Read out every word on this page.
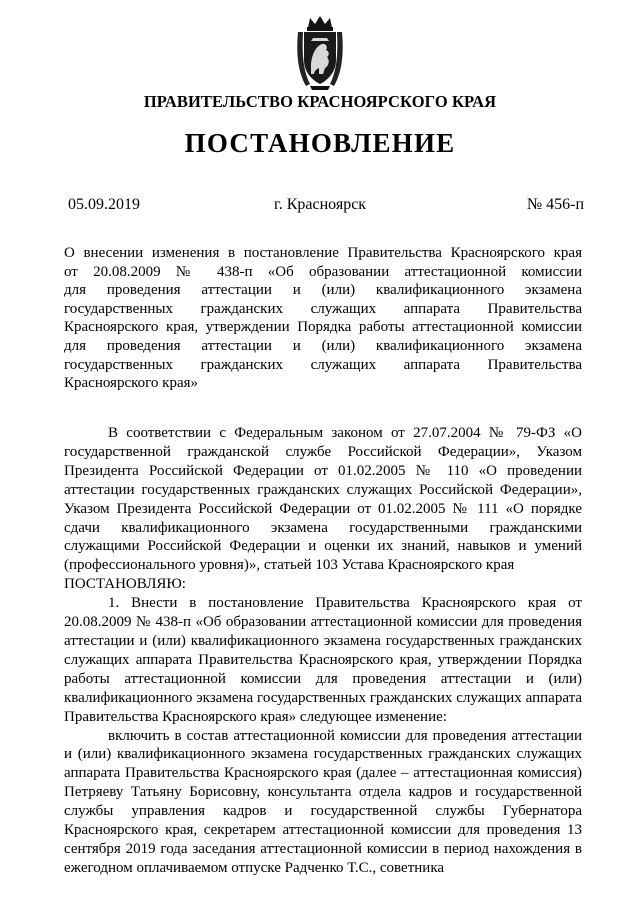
ПРАВИТЕЛЬСТВО КРАСНОЯРСКОГО КРАЯ
ПОСТАНОВЛЕНИЕ
05.09.2019	г. Красноярск	№ 456-п
О внесении изменения в постановление Правительства Красноярского края
от 20.08.2009 № 438-п «Об образовании аттестационной комиссии
для проведения аттестации и (или) квалификационного экзамена
государственных гражданских служащих аппарата Правительства
Красноярского края, утверждении Порядка работы аттестационной комиссии
для проведения аттестации и (или) квалификационного экзамена
государственных гражданских служащих аппарата Правительства
Красноярского края»

В соответствии с Федеральным законом от 27.07.2004 № 79-ФЗ «О государственной гражданской службе Российской Федерации», Указом Президента Российской Федерации от 01.02.2005 № 110 «О проведении аттестации государственных гражданских служащих Российской Федерации», Указом Президента Российской Федерации от 01.02.2005 № 111 «О порядке сдачи квалификационного экзамена государственными гражданскими служащими Российской Федерации и оценки их знаний, навыков и умений (профессионального уровня)», статьей 103 Устава Красноярского края

ПОСТАНОВЛЯЮ:

1. Внести в постановление Правительства Красноярского края от 20.08.2009 № 438-п «Об образовании аттестационной комиссии для проведения аттестации и (или) квалификационного экзамена государственных гражданских служащих аппарата Правительства Красноярского края, утверждении Порядка работы аттестационной комиссии для проведения аттестации и (или) квалификационного экзамена государственных гражданских служащих аппарата Правительства Красноярского края» следующее изменение:

включить в состав аттестационной комиссии для проведения аттестации и (или) квалификационного экзамена государственных гражданских служащих аппарата Правительства Красноярского края (далее – аттестационная комиссия) Петряеву Татьяну Борисовну, консультанта отдела кадров и государственной службы управления кадров и государственной службы Губернатора Красноярского края, секретарем аттестационной комиссии для проведения 13 сентября 2019 года заседания аттестационной комиссии в период нахождения в ежегодном оплачиваемом отпуске Радченко Т.С., советника
